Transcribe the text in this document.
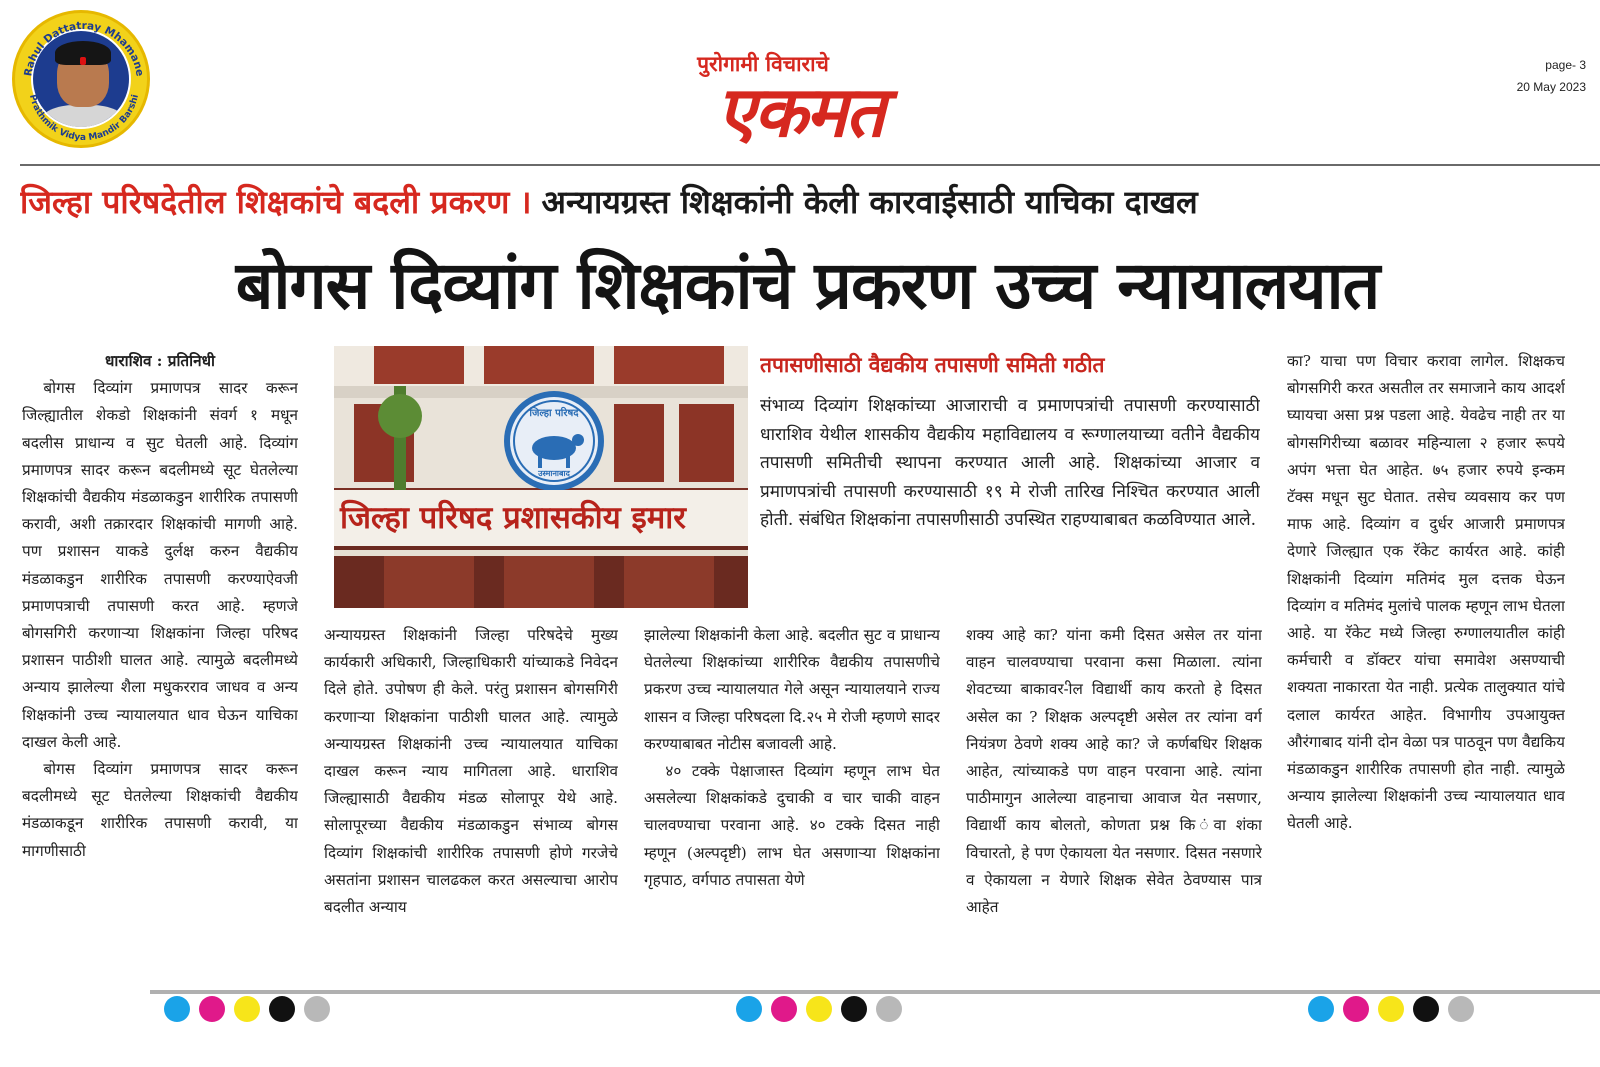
Rahul Dattatray Mhamane
Prathmik Vidya Mandir Barshi
पुरोगामी विचाराचे
एकमत
page- 3
20 May 2023
जिल्हा परिषदेतील शिक्षकांचे बदली प्रकरण । अन्यायग्रस्त शिक्षकांनी केली कारवाईसाठी याचिका दाखल
बोगस दिव्यांग शिक्षकांचे प्रकरण उच्च न्यायालयात

धाराशिव : प्रतिनिधी

बोगस दिव्यांग प्रमाणपत्र सादर करून जिल्ह्यातील शेकडो शिक्षकांनी संवर्ग १ मधून बदलीस प्राधान्य व सुट घेतली आहे. दिव्यांग प्रमाणपत्र सादर करून बदलीमध्ये सूट घेतलेल्या शिक्षकांची वैद्यकीय मंडळाकडुन शारीरिक तपासणी करावी, अशी तक्रारदार शिक्षकांची मागणी आहे. पण प्रशासन याकडे दुर्लक्ष करुन वैद्यकीय मंडळाकडुन शारीरिक तपासणी करण्याऐवजी प्रमाणपत्राची तपासणी करत आहे. म्हणजे बोगसगिरी करणाऱ्या शिक्षकांना जिल्हा परिषद प्रशासन पाठीशी घालत आहे. त्यामुळे बदलीमध्ये अन्याय झालेल्या शैला मधुकरराव जाधव व अन्य शिक्षकांनी उच्च न्यायालयात धाव घेऊन याचिका दाखल केली आहे.

बोगस दिव्यांग प्रमाणपत्र सादर करून बदलीमध्ये सूट घेतलेल्या शिक्षकांची वैद्यकीय मंडळाकडून शारीरिक तपासणी करावी, या मागणीसाठी

जिल्हा परिषद
उस्मानाबाद
जिल्हा परिषद प्रशासकीय इमार
तपासणीसाठी वैद्यकीय तपासणी समिती गठीत
संभाव्य दिव्यांग शिक्षकांच्या आजाराची व प्रमाणपत्रांची तपासणी करण्यासाठी धाराशिव येथील शासकीय वैद्यकीय महाविद्यालय व रूग्णालयाच्या वतीने वैद्यकीय तपासणी समितीची स्थापना करण्यात आली आहे. शिक्षकांच्या आजार व प्रमाणपत्रांची तपासणी करण्यासाठी १९ मे रोजी तारिख निश्चित करण्यात आली होती. संबंधित शिक्षकांना तपासणीसाठी उपस्थित राहण्याबाबत कळविण्यात आले.

अन्यायग्रस्त शिक्षकांनी जिल्हा परिषदेचे मुख्य कार्यकारी अधिकारी, जिल्हाधिकारी यांच्याकडे निवेदन दिले होते. उपोषण ही केले. परंतु प्रशासन बोगसगिरी करणाऱ्या शिक्षकांना पाठीशी घालत आहे. त्यामुळे अन्यायग्रस्त शिक्षकांनी उच्च न्यायालयात याचिका दाखल करून न्याय मागितला आहे. धाराशिव जिल्ह्यासाठी वैद्यकीय मंडळ सोलापूर येथे आहे. सोलापूरच्या वैद्यकीय मंडळाकडुन संभाव्य बोगस दिव्यांग शिक्षकांची शारीरिक तपासणी होणे गरजेचे असतांना प्रशासन चालढकल करत असल्याचा आरोप बदलीत अन्याय

झालेल्या शिक्षकांनी केला आहे. बदलीत सुट व प्राधान्य घेतलेल्या शिक्षकांच्या शारीरिक वैद्यकीय तपासणीचे प्रकरण उच्च न्यायालयात गेले असून न्यायालयाने राज्य शासन व जिल्हा परिषदला दि.२५ मे रोजी म्हणणे सादर करण्याबाबत नोटीस बजावली आहे.

४० टक्के पेक्षाजास्त दिव्यांग म्हणून लाभ घेत असलेल्या शिक्षकांकडे दुचाकी व चार चाकी वाहन चालवण्याचा परवाना आहे. ४० टक्के दिसत नाही म्हणून (अल्पदृष्टी) लाभ घेत असणाऱ्या शिक्षकांना गृहपाठ, वर्गपाठ तपासता येणे

शक्य आहे का? यांना कमी दिसत असेल तर यांना वाहन चालवण्याचा परवाना कसा मिळाला. त्यांना शेवटच्या बाकावर-ील विद्यार्थी काय करतो हे दिसत असेल का ? शिक्षक अल्पदृष्टी असेल तर त्यांना वर्ग नियंत्रण ठेवणे शक्य आहे का? जे कर्णबधिर शिक्षक आहेत, त्यांच्याकडे पण वाहन परवाना आहे. त्यांना पाठीमागुन आलेल्या वाहनाचा आवाज येत नसणार, विद्यार्थी काय बोलतो, कोणता प्रश्न कि ंवा शंका विचारतो, हे पण ऐकायला येत नसणार. दिसत नसणारे व ऐकायला न येणारे शिक्षक सेवेत ठेवण्यास पात्र आहेत

का? याचा पण विचार करावा लागेल. शिक्षकच बोगसगिरी करत असतील तर समाजाने काय आदर्श घ्यायचा असा प्रश्न पडला आहे. येवढेच नाही तर या बोगसगिरीच्या बळावर महिन्याला २ हजार रूपये अपंग भत्ता घेत आहेत. ७५ हजार रुपये इन्कम टॅक्स मधून सुट घेतात. तसेच व्यवसाय कर पण माफ आहे. दिव्यांग व दुर्धर आजारी प्रमाणपत्र देणारे जिल्ह्यात एक रॅकेट कार्यरत आहे. कांही शिक्षकांनी दिव्यांग मतिमंद मुल दत्तक घेऊन दिव्यांग व मतिमंद मुलांचे पालक म्हणून लाभ घेतला आहे. या रॅकेट मध्ये जिल्हा रुग्णालयातील कांही कर्मचारी व डॉक्टर यांचा समावेश असण्याची शक्यता नाकारता येत नाही. प्रत्येक तालुक्यात यांचे दलाल कार्यरत आहेत. विभागीय उपआयुक्त औरंगाबाद यांनी दोन वेळा पत्र पाठवून पण वैद्यकिय मंडळाकडुन शारीरिक तपासणी होत नाही. त्यामुळे अन्याय झालेल्या शिक्षकांनी उच्च न्यायालयात धाव घेतली आहे.
